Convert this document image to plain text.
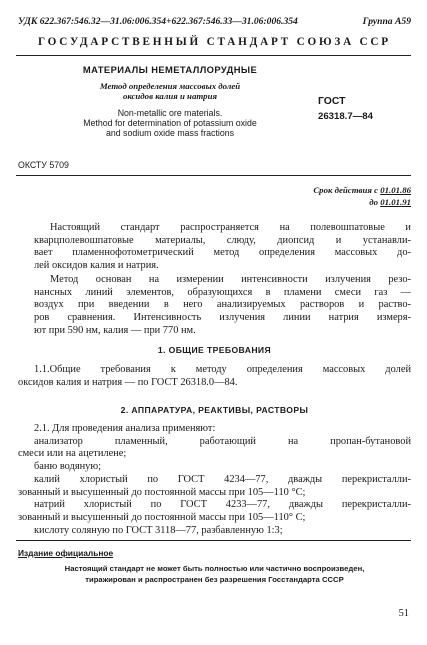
УДК 622.367:546.32—31.06:006.354+622.367:546.33—31.06:006.354	Группа А59
ГОСУДАРСТВЕННЫЙ СТАНДАРТ СОЮЗА ССР
МАТЕРИАЛЫ НЕМЕТАЛЛОРУДНЫЕ
Метод определения массовых долей
оксидов калия и натрия
Non-metallic ore materials.
Method for determination of potassium oxide
and sodium oxide mass fractions
ГОСТ
26318.7—84
ОКСТУ 5709
Срок действия с 01.01.86
до 01.01.91

Настоящий стандарт распространяется на полевошпатовые и
кварцполевошпатовые материалы, слюду, диопсид и устанавли-
вает пламеннофотометрический метод определения массовых до-
лей оксидов калия и натрия.

Метод основан на измерении интенсивности излучения резо-
нансных линий элементов, образующихся в пламени смеси газ —
воздух при введении в него анализируемых растворов и раство-
ров сравнения. Интенсивность излучения линии натрия измеря-
ют при 590 нм, калия — при 770 нм.

1. ОБЩИЕ ТРЕБОВАНИЯ
1.1.Общие требования к методу определения массовых долей
оксидов калия и натрия — по ГОСТ 26318.0—84.
2. АППАРАТУРА, РЕАКТИВЫ, РАСТВОРЫ
2.1. Для проведения анализа применяют:
анализатор пламенный, работающий на пропан-бутановой
смеси или на ацетилене;
баню водяную;
калий хлористый по ГОСТ 4234—77, дважды перекристалли-
зованный и высушенный до постоянной массы при 105—110 °С;
натрий хлористый по ГОСТ 4233—77, дважды перекристалли-
зованный и высушенный до постоянной массы при 105—110° С;
кислоту соляную по ГОСТ 3118—77, разбавленную 1:3;
Издание официальное
Настоящий стандарт не может быть полностью или частично воспроизведен,
тиражирован и распространен без разрешения Госстандарта СССР
51
